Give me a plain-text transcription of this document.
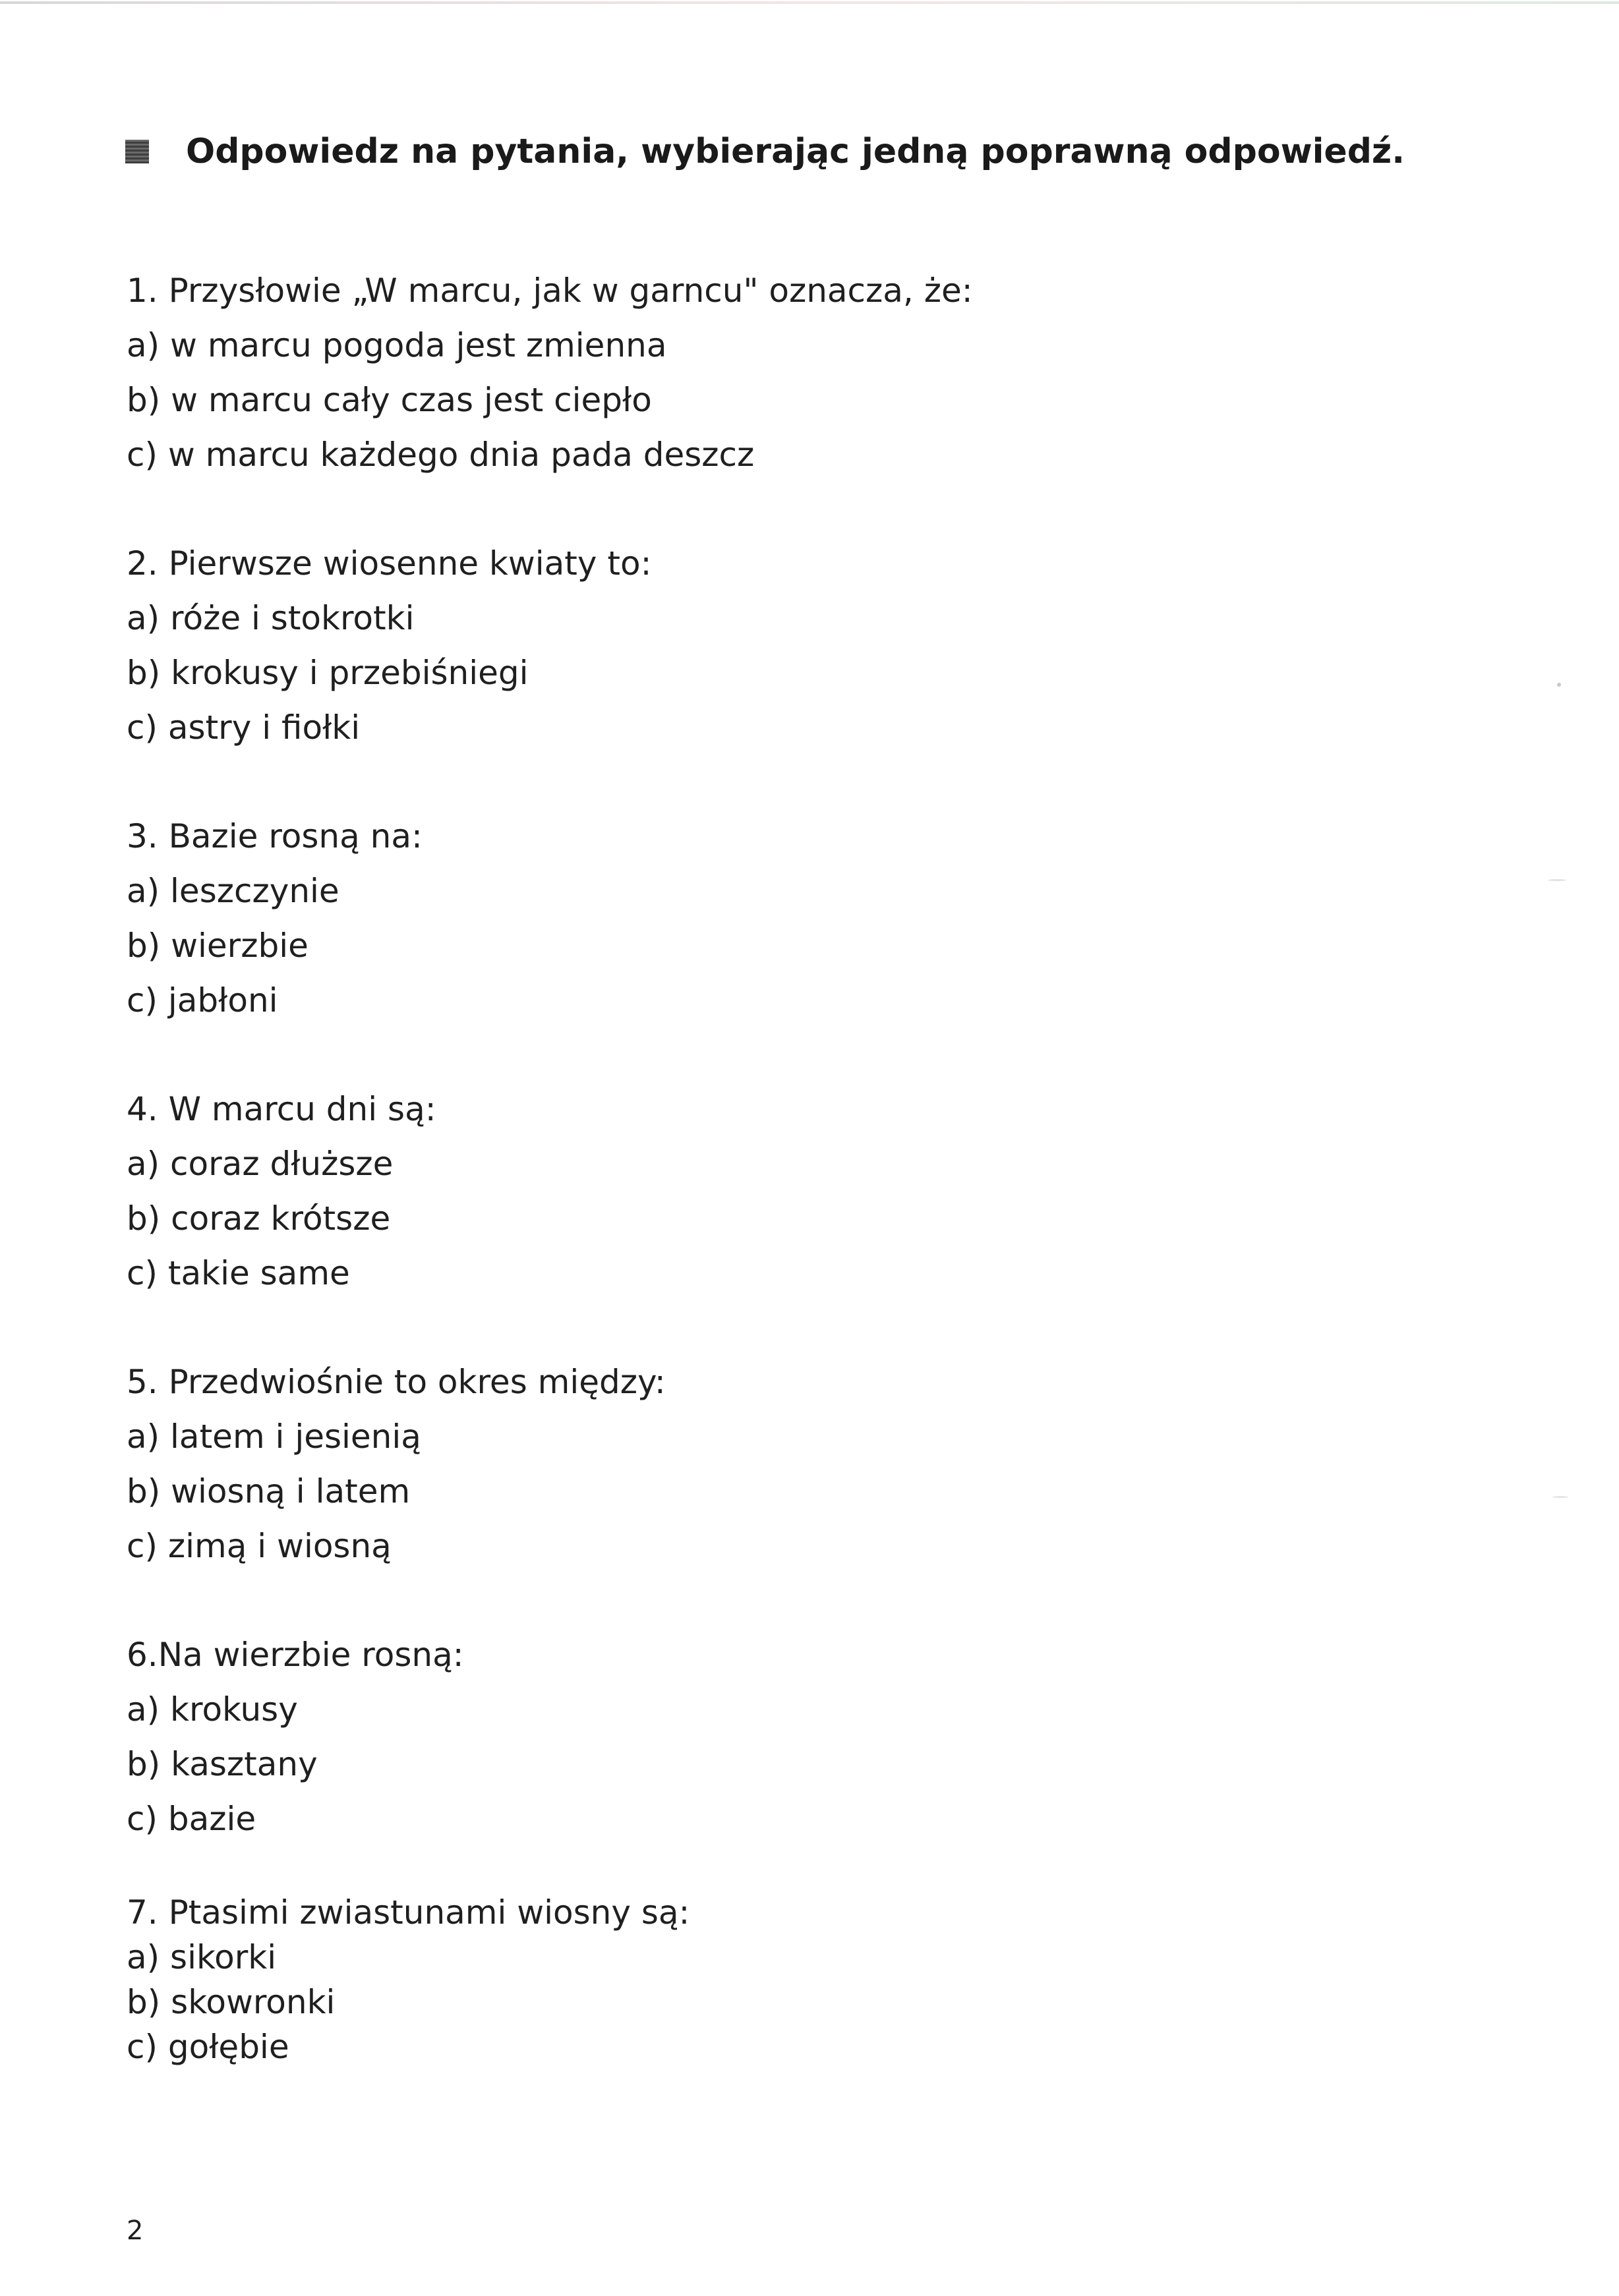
Odpowiedz na pytania, wybierając jedną poprawną odpowiedź.
1. Przysłowie „W marcu, jak w garncu" oznacza, że:
a) w marcu pogoda jest zmienna
b) w marcu cały czas jest ciepło
c) w marcu każdego dnia pada deszcz
2. Pierwsze wiosenne kwiaty to:
a) róże i stokrotki
b) krokusy i przebiśniegi
c) astry i fiołki
3. Bazie rosną na:
a) leszczynie
b) wierzbie
c) jabłoni
4. W marcu dni są:
a) coraz dłuższe
b) coraz krótsze
c) takie same
5. Przedwiośnie to okres między:
a) latem i jesienią
b) wiosną i latem
c) zimą i wiosną
6.Na wierzbie rosną:
a) krokusy
b) kasztany
c) bazie
7. Ptasimi zwiastunami wiosny są:
a) sikorki
b) skowronki
c) gołębie
2
